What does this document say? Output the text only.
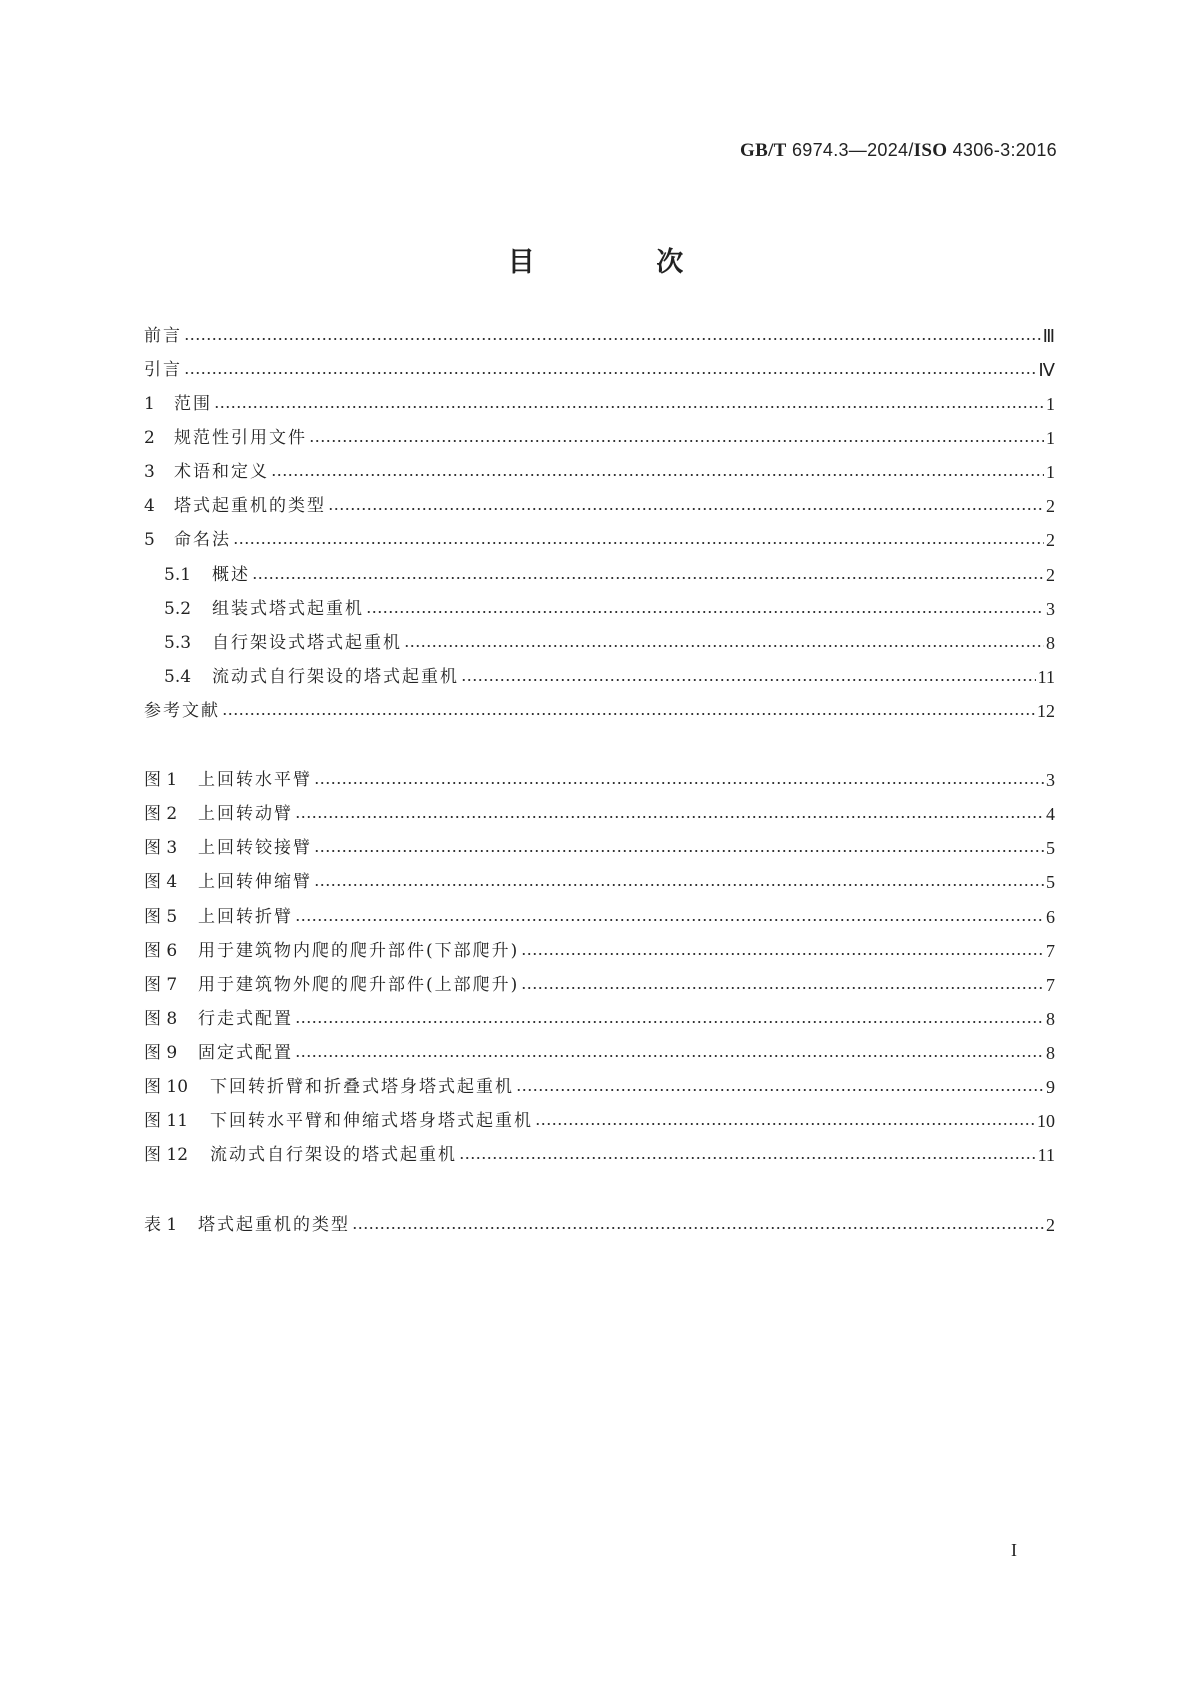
GB/T 6974.3—2024/ISO 4306-3:2016
目 次
前言	Ⅲ
引言	Ⅳ
1 范围	1
2 规范性引用文件	1
3 术语和定义	1
4 塔式起重机的类型	2
5 命名法	2
5.1 概述	2
5.2 组装式塔式起重机	3
5.3 自行架设式塔式起重机	8
5.4 流动式自行架设的塔式起重机	11
参考文献	12
图 1 上回转水平臂	3
图 2 上回转动臂	4
图 3 上回转铰接臂	5
图 4 上回转伸缩臂	5
图 5 上回转折臂	6
图 6 用于建筑物内爬的爬升部件(下部爬升)	7
图 7 用于建筑物外爬的爬升部件(上部爬升)	7
图 8 行走式配置	8
图 9 固定式配置	8
图 10 下回转折臂和折叠式塔身塔式起重机	9
图 11 下回转水平臂和伸缩式塔身塔式起重机	10
图 12 流动式自行架设的塔式起重机	11
表 1 塔式起重机的类型	2
I
